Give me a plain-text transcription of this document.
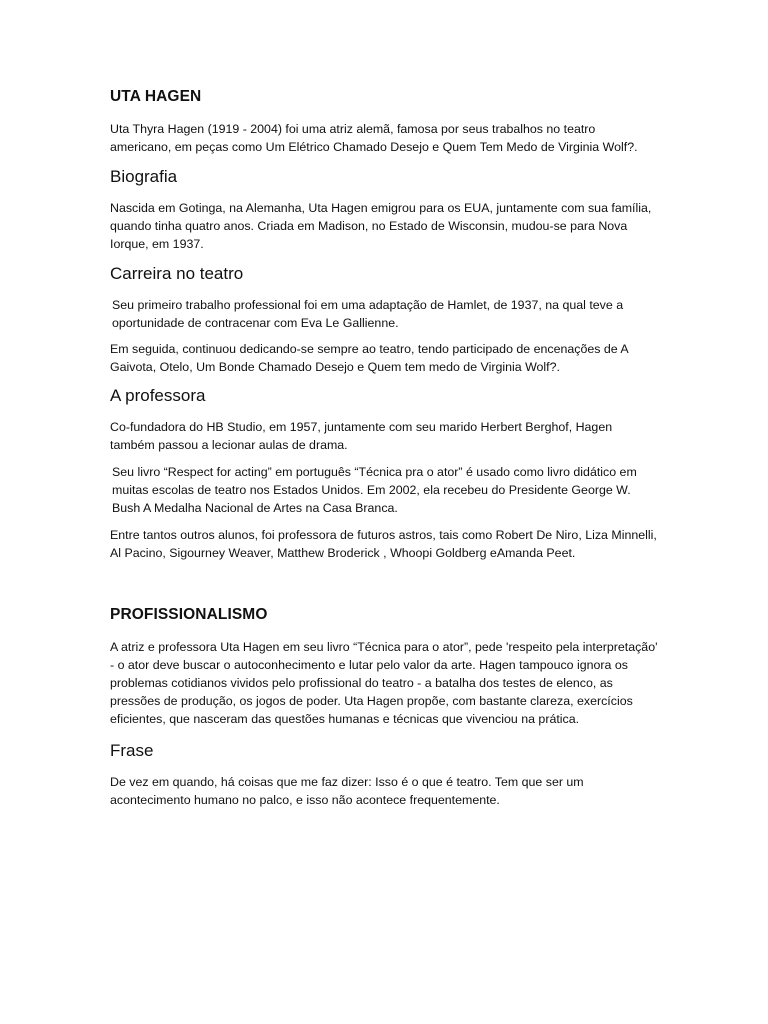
UTA HAGEN

Uta Thyra Hagen (1919 - 2004) foi uma atriz alemã, famosa por seus trabalhos no teatro americano, em peças como Um Elétrico Chamado Desejo e Quem Tem Medo de Virginia Wolf?.

Biografia

Nascida em Gotinga, na Alemanha, Uta Hagen emigrou para os EUA, juntamente com sua família, quando tinha quatro anos. Criada em Madison, no Estado de Wisconsin, mudou-se para Nova Iorque, em 1937.

Carreira no teatro

Seu primeiro trabalho professional foi em uma adaptação de Hamlet, de 1937, na qual teve a oportunidade de contracenar com Eva Le Gallienne.

Em seguida, continuou dedicando-se sempre ao teatro, tendo participado de encenações de A Gaivota, Otelo, Um Bonde Chamado Desejo e Quem tem medo de Virginia Wolf?.

A professora

Co-fundadora do HB Studio, em 1957, juntamente com seu marido Herbert Berghof, Hagen também passou a lecionar aulas de drama.

Seu livro “Respect for acting” em português “Técnica pra o ator” é usado como livro didático em muitas escolas de teatro nos Estados Unidos. Em 2002, ela recebeu do Presidente George W. Bush A Medalha Nacional de Artes na Casa Branca.

Entre tantos outros alunos, foi professora de futuros astros, tais como Robert De Niro, Liza Minnelli, Al Pacino, Sigourney Weaver, Matthew Broderick , Whoopi Goldberg eAmanda Peet.

PROFISSIONALISMO

A atriz e professora Uta Hagen em seu livro “Técnica para o ator”, pede 'respeito pela interpretação' - o ator deve buscar o autoconhecimento e lutar pelo valor da arte. Hagen tampouco ignora os problemas cotidianos vividos pelo profissional do teatro - a batalha dos testes de elenco, as pressões de produção, os jogos de poder. Uta Hagen propõe, com bastante clareza, exercícios eficientes, que nasceram das questões humanas e técnicas que vivenciou na prática.

Frase

De vez em quando, há coisas que me faz dizer: Isso é o que é teatro. Tem que ser um acontecimento humano no palco, e isso não acontece frequentemente.
